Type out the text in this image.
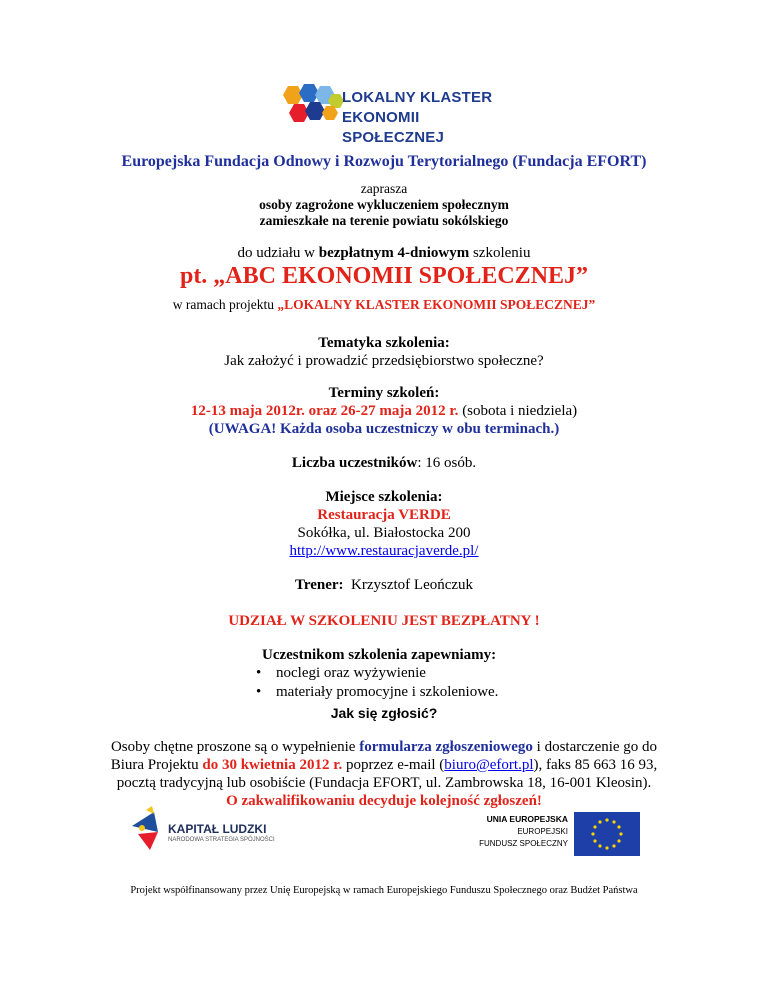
LOKALNY KLASTER
EKONOMII SPOŁECZNEJ
Europejska Fundacja Odnowy i Rozwoju Terytorialnego (Fundacja EFORT)
zaprasza
osoby zagrożone wykluczeniem społecznym
zamieszkałe na terenie powiatu sokólskiego
do udziału w bezpłatnym 4-dniowym szkoleniu
pt. „ABC EKONOMII SPOŁECZNEJ”
w ramach projektu „LOKALNY KLASTER EKONOMII SPOŁECZNEJ”
Tematyka szkolenia:
Jak założyć i prowadzić przedsiębiorstwo społeczne?
Terminy szkoleń:
12-13 maja 2012r. oraz 26-27 maja 2012 r. (sobota i niedziela)
(UWAGA! Każda osoba uczestniczy w obu terminach.)
Liczba uczestników: 16 osób.
Miejsce szkolenia:
Restauracja VERDE
Sokółka, ul. Białostocka 200
http://www.restauracjaverde.pl/
Trener:  Krzysztof Leończuk
UDZIAŁ W SZKOLENIU JEST BEZPŁATNY !
Uczestnikom szkolenia zapewniamy:
• noclegi oraz wyżywienie
• materiały promocyjne i szkoleniowe.
Jak się zgłosić?
Osoby chętne proszone są o wypełnienie formularza zgłoszeniowego i dostarczenie go do
Biura Projektu do 30 kwietnia 2012 r. poprzez e-mail (biuro@efort.pl), faks 85 663 16 93,
pocztą tradycyjną lub osobiście (Fundacja EFORT, ul. Zambrowska 18, 16-001 Kleosin).
O zakwalifikowaniu decyduje kolejność zgłoszeń!
KAPITAŁ LUDZKI
NARODOWA STRATEGIA SPÓJNOŚCI
UNIA EUROPEJSKA
EUROPEJSKI
FUNDUSZ SPOŁECZNY
Projekt współfinansowany przez Unię Europejską w ramach Europejskiego Funduszu Społecznego oraz Budżet Państwa
